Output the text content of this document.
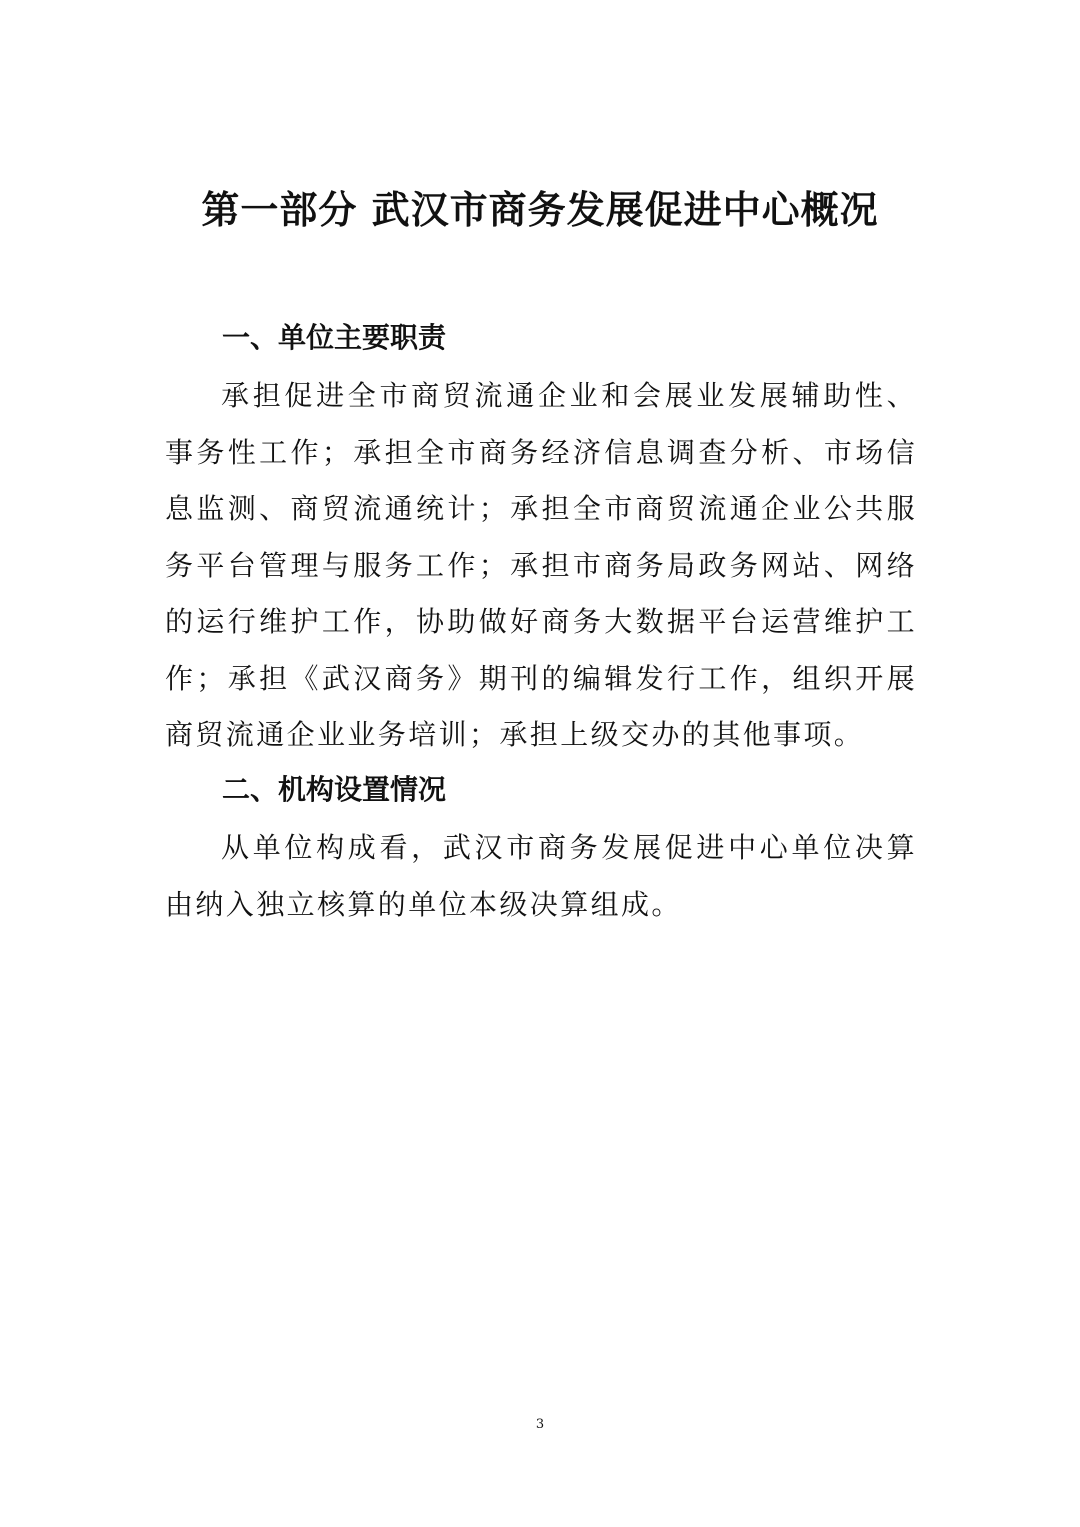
第一部分 武汉市商务发展促进中心概况
一、单位主要职责
承担促进全市商贸流通企业和会展业发展辅助性、事务性工作；承担全市商务经济信息调查分析、市场信息监测、商贸流通统计；承担全市商贸流通企业公共服务平台管理与服务工作；承担市商务局政务网站、网络的运行维护工作，协助做好商务大数据平台运营维护工作；承担《武汉商务》期刊的编辑发行工作，组织开展商贸流通企业业务培训；承担上级交办的其他事项。
二、机构设置情况
从单位构成看，武汉市商务发展促进中心单位决算由纳入独立核算的单位本级决算组成。
3
